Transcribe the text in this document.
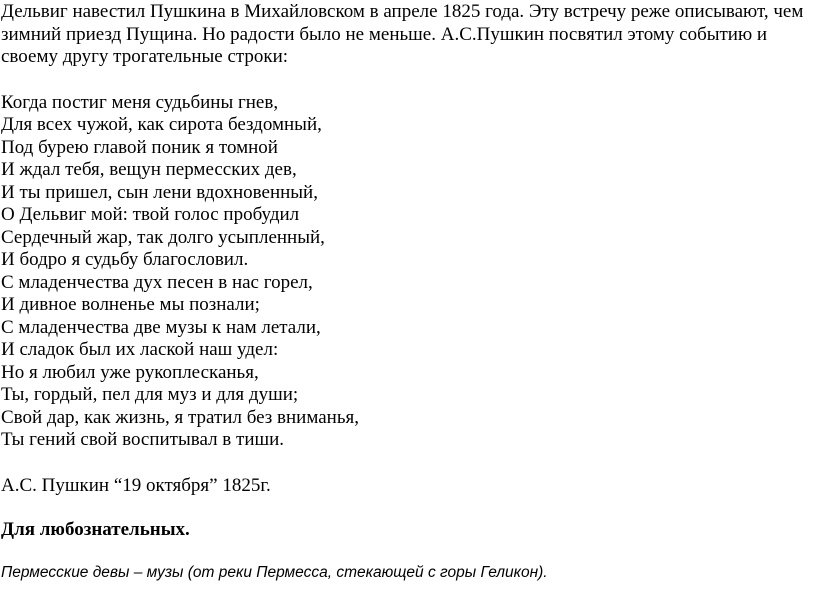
Дельвиг навестил Пушкина в Михайловском в апреле 1825 года. Эту встречу реже описывают, чем зимний приезд Пущина. Но радости было не меньше. А.С.Пушкин посвятил этому событию и своему другу трогательные строки:

Когда постиг меня судьбины гнев,
Для всех чужой, как сирота бездомный,
Под бурею главой поник я томной
И ждал тебя, вещун пермесских дев,
И ты пришел, сын лени вдохновенный,
О Дельвиг мой: твой голос пробудил
Сердечный жар, так долго усыпленный,
И бодро я судьбу благословил.
С младенчества дух песен в нас горел,
И дивное волненье мы познали;
С младенчества две музы к нам летали,
И сладок был их лаской наш удел:
Но я любил уже рукоплесканья,
Ты, гордый, пел для муз и для души;
Свой дар, как жизнь, я тратил без вниманья,
Ты гений свой воспитывал в тиши.

А.С. Пушкин “19 октября” 1825г.

Для любознательных.

Пермесские девы – музы (от реки Пермесса, стекающей с горы Геликон).
